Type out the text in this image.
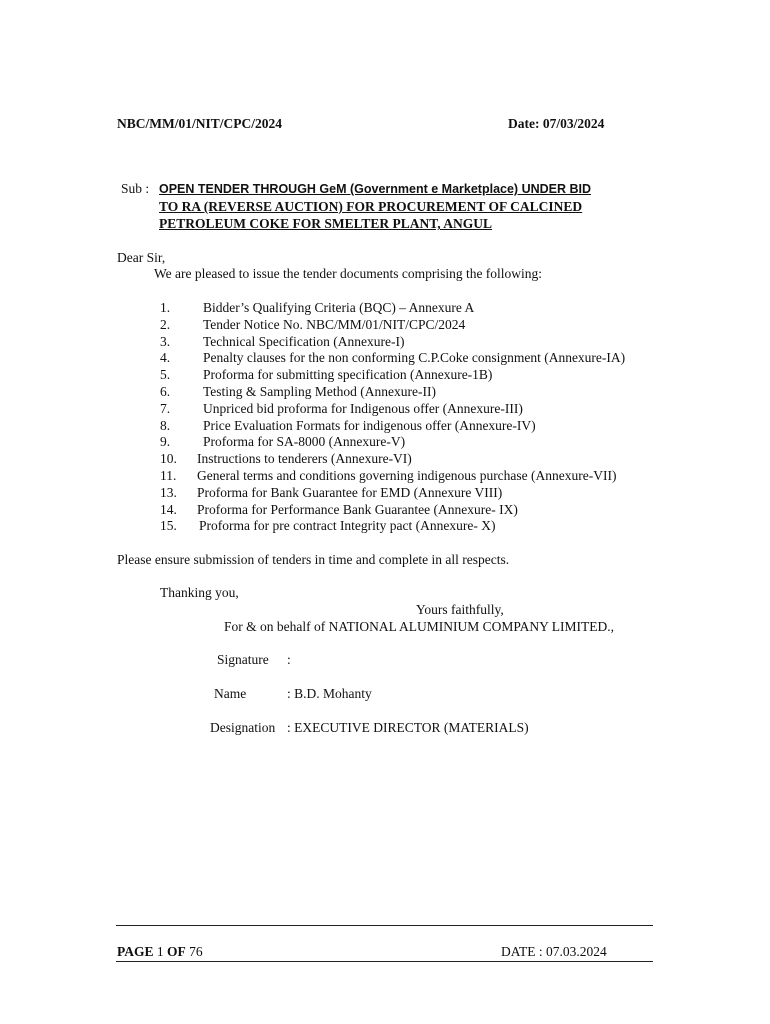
NBC/MM/01/NIT/CPC/2024	Date: 07/03/2024
Sub : OPEN TENDER THROUGH GeM (Government e Marketplace) UNDER BID
TO RA (REVERSE AUCTION) FOR PROCUREMENT OF CALCINED
PETROLEUM COKE FOR SMELTER PLANT, ANGUL
Dear Sir,
We are pleased to issue the tender documents comprising the following:
1. Bidder’s Qualifying Criteria (BQC) – Annexure A
2. Tender Notice No. NBC/MM/01/NIT/CPC/2024
3. Technical Specification (Annexure-I)
4. Penalty clauses for the non conforming C.P.Coke consignment (Annexure-IA)
5. Proforma for submitting specification (Annexure-1B)
6. Testing & Sampling Method (Annexure-II)
7. Unpriced bid proforma for Indigenous offer (Annexure-III)
8. Price Evaluation Formats for indigenous offer (Annexure-IV)
9. Proforma for SA-8000 (Annexure-V)
10. Instructions to tenderers (Annexure-VI)
11. General terms and conditions governing indigenous purchase (Annexure-VII)
13. Proforma for Bank Guarantee for EMD (Annexure VIII)
14. Proforma for Performance Bank Guarantee (Annexure- IX)
15. Proforma for pre contract Integrity pact (Annexure- X)
Please ensure submission of tenders in time and complete in all respects.
Thanking you,
Yours faithfully,
For & on behalf of NATIONAL ALUMINIUM COMPANY LIMITED.,
Signature :
Name	: B.D. Mohanty
Designation : EXECUTIVE DIRECTOR (MATERIALS)
PAGE 1 OF 76	DATE : 07.03.2024
